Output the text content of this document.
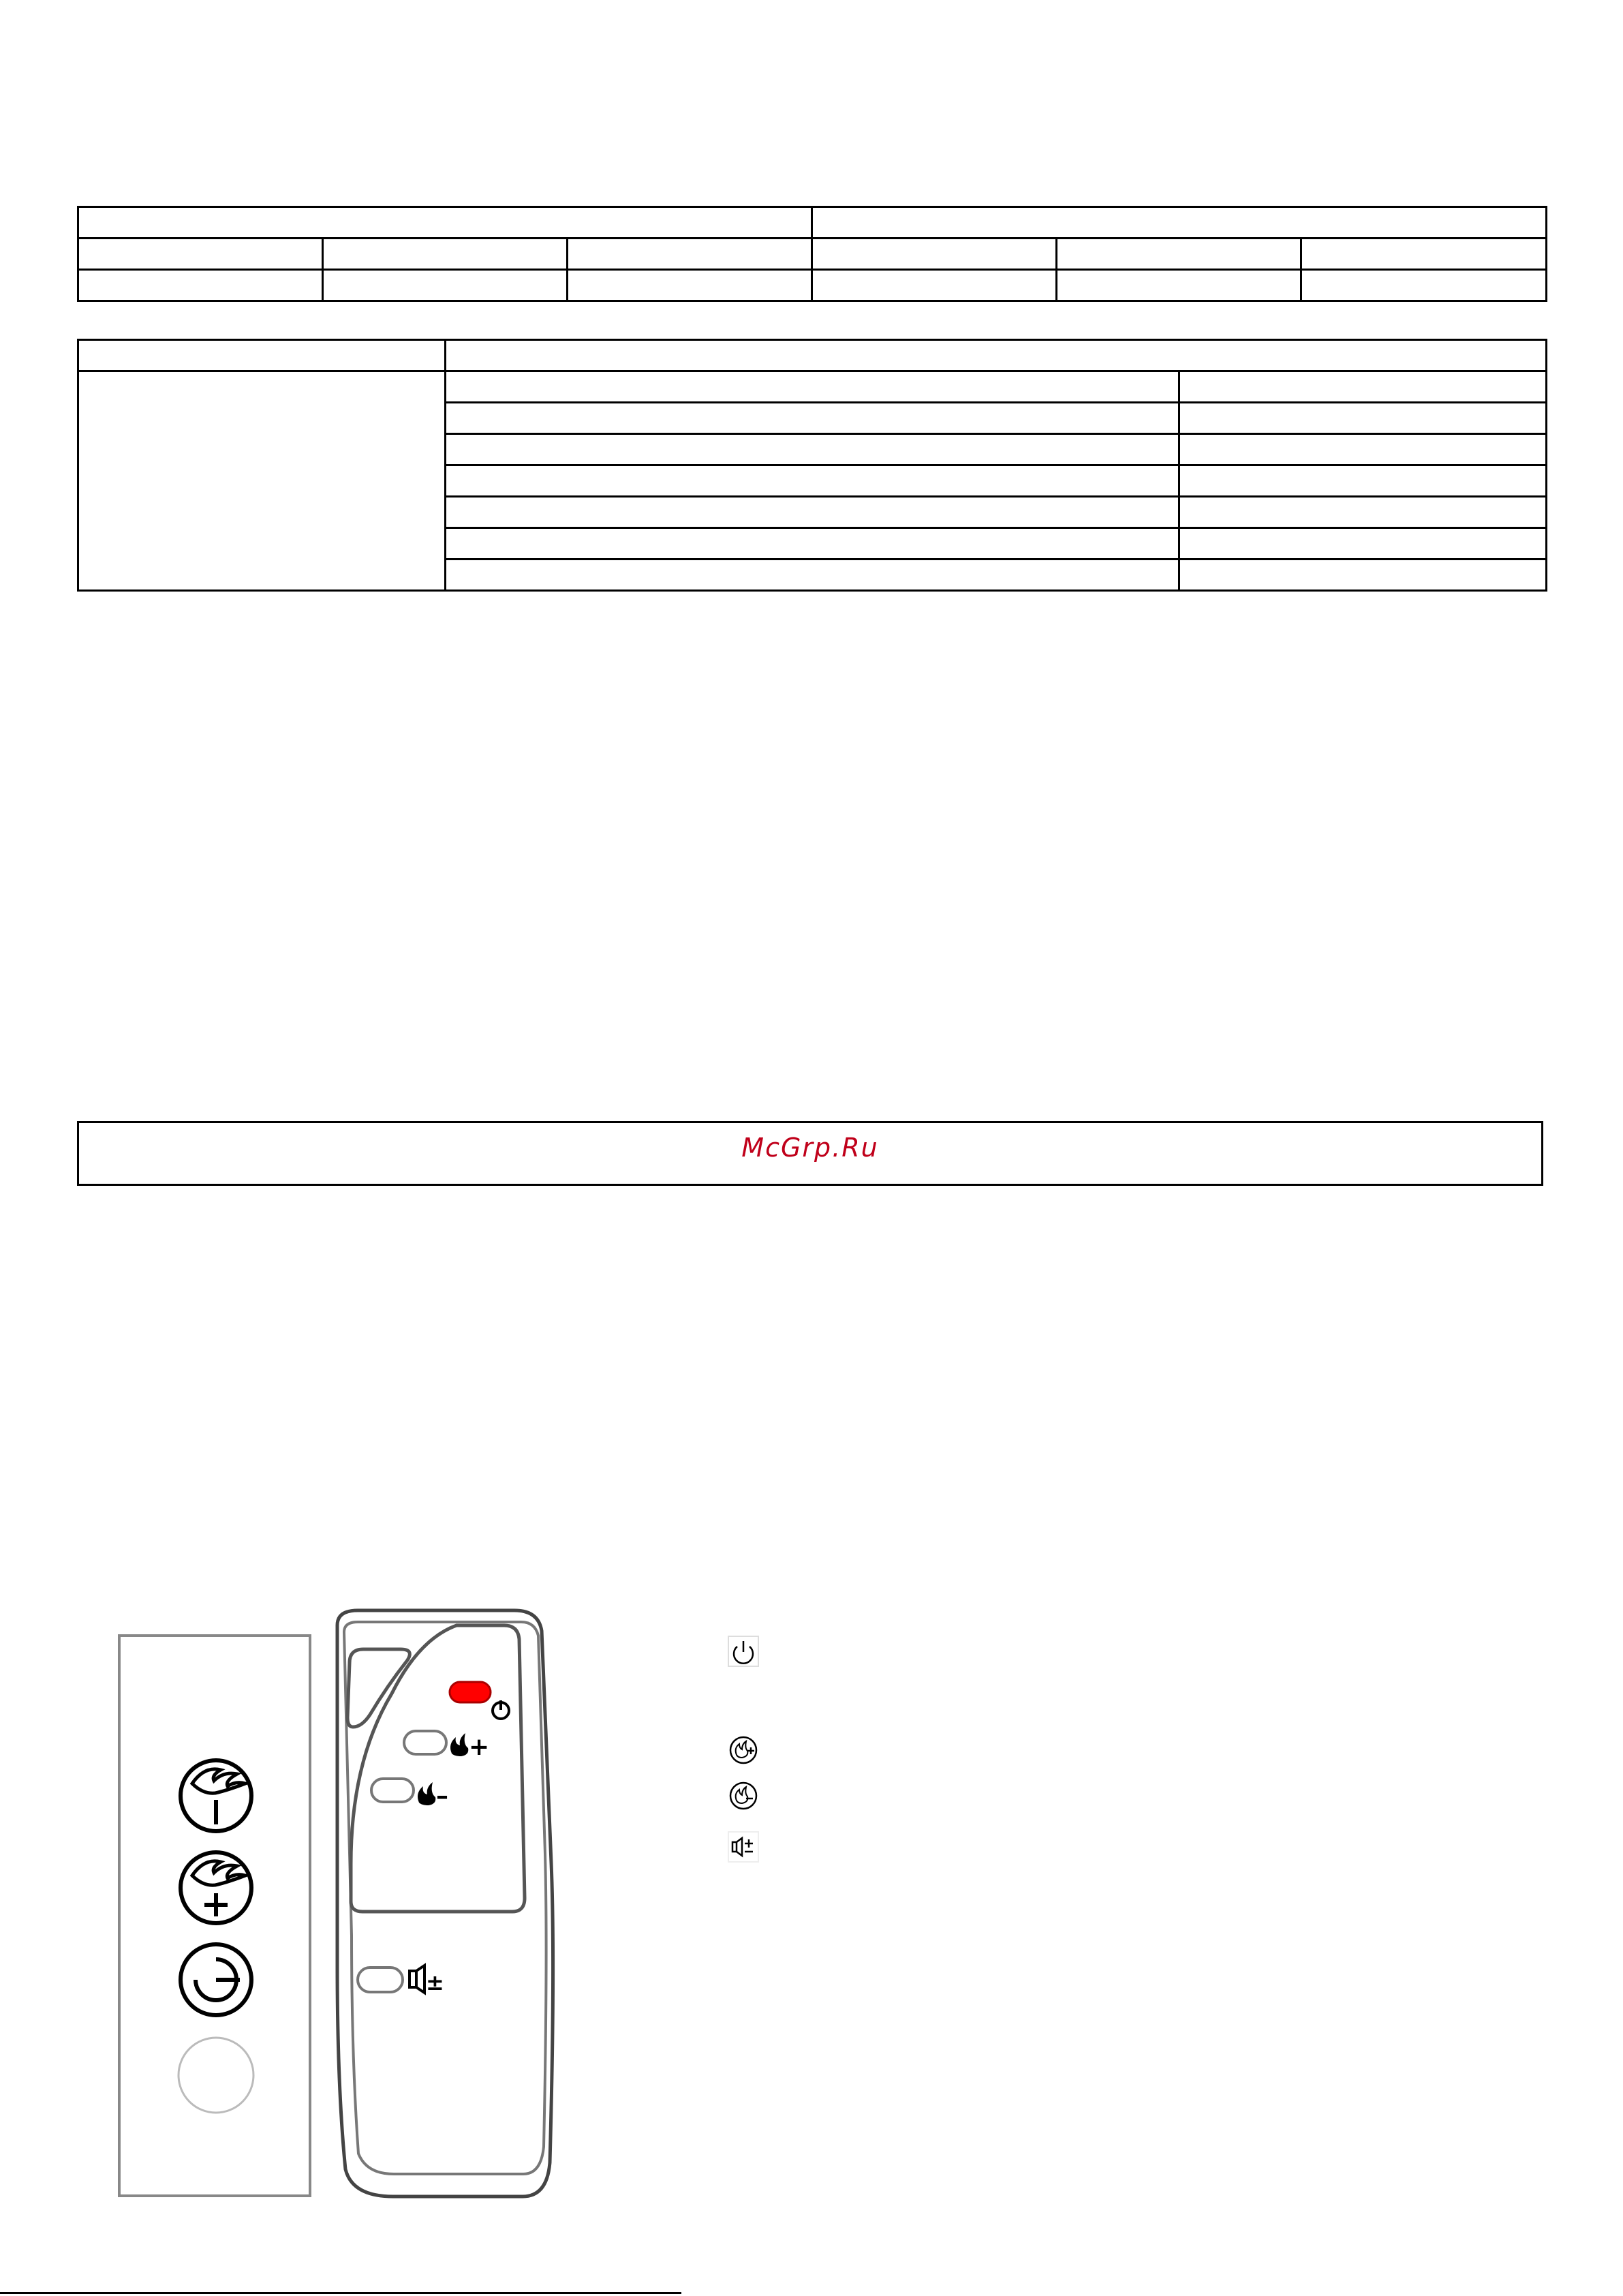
McGrp.Ru
+
–
±
